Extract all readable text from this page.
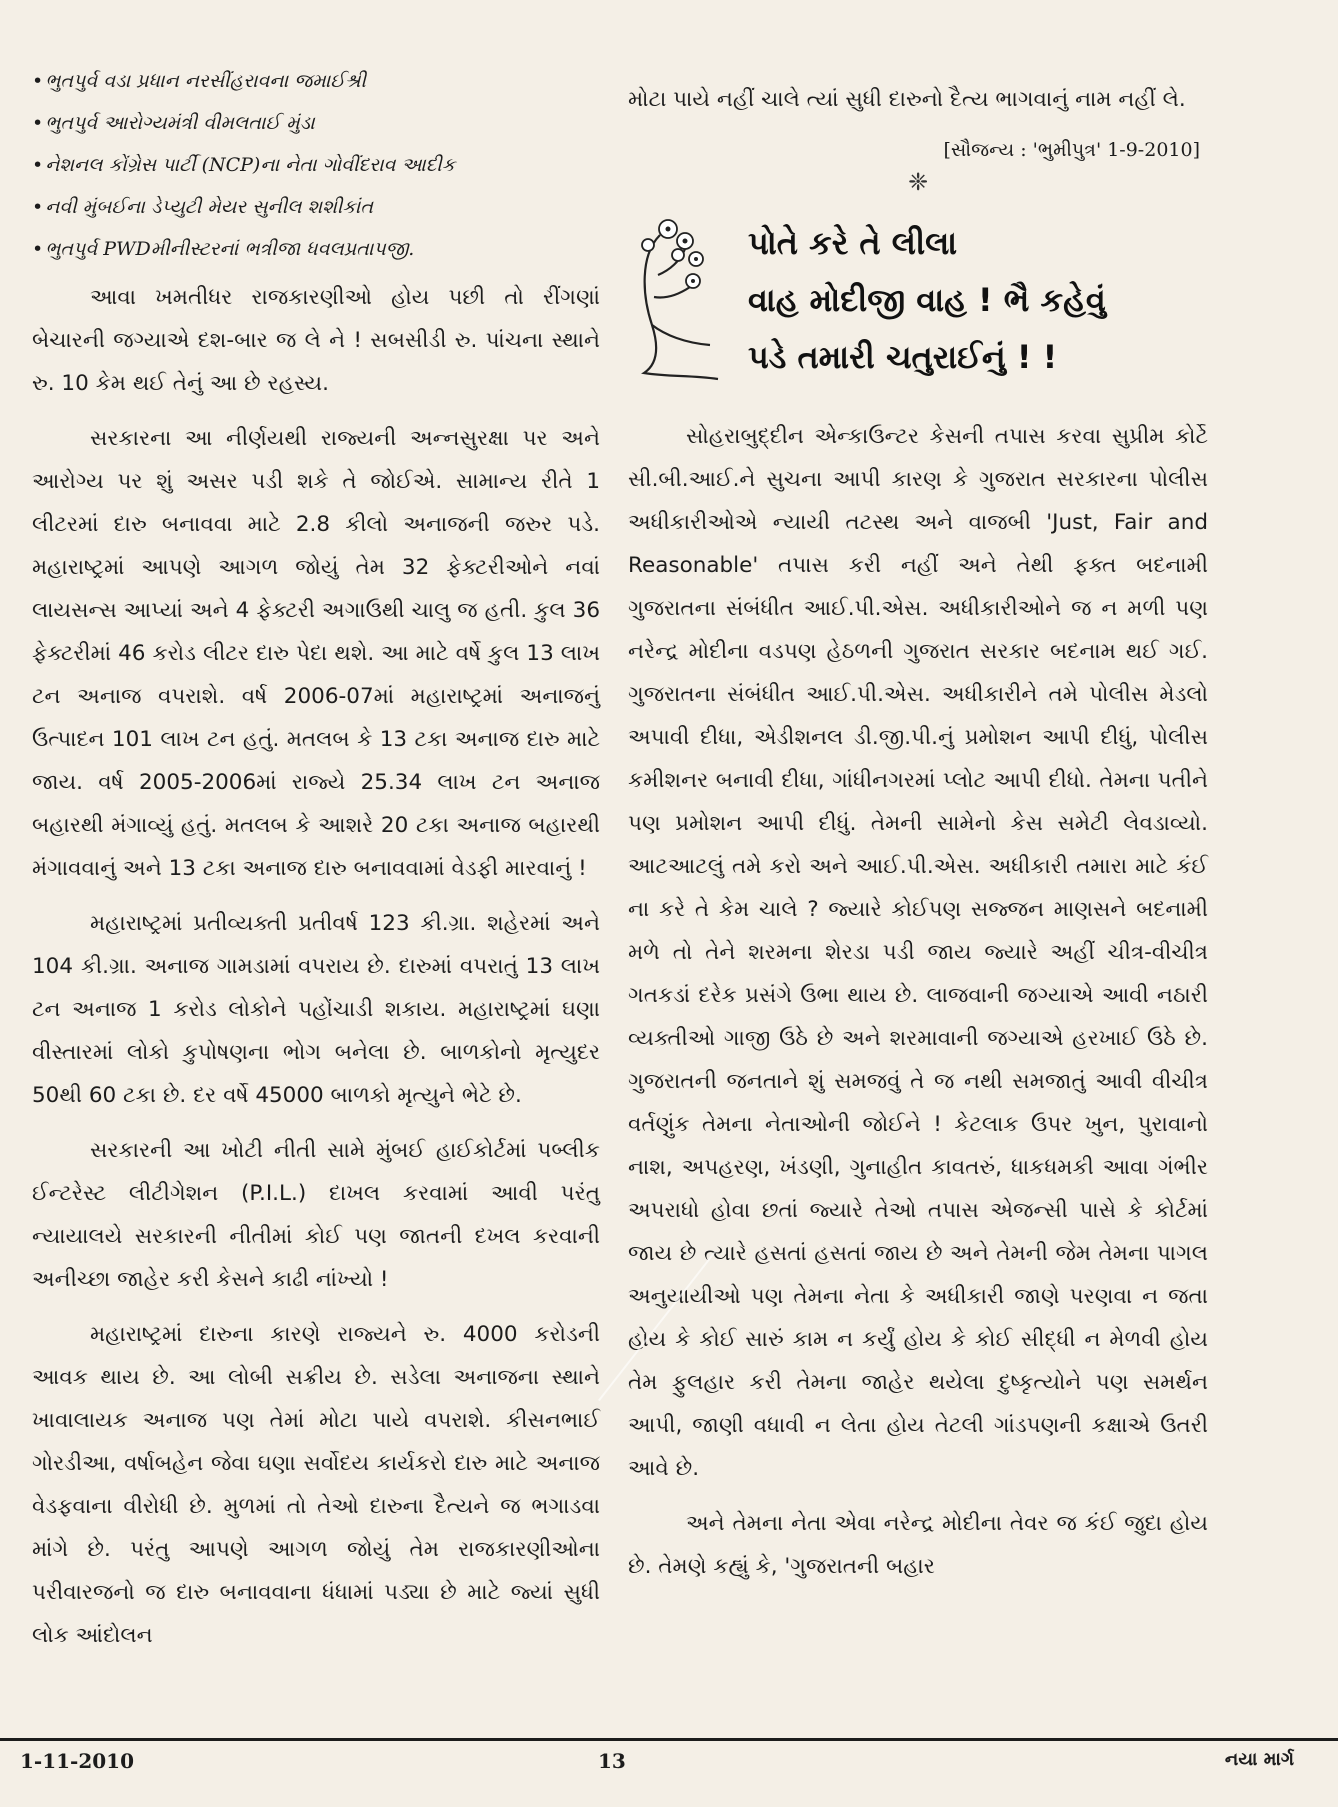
• ભુતપુર્વ વડા પ્રધાન નરસીંહરાવના જમાઈશ્રી
• ભુતપુર્વ આરોગ્યમંત્રી વીમલતાઈ મુંડા
• નેશનલ કોંગ્રેસ પાર્ટી (NCP)ના નેતા ગોવીંદરાવ આદીક
• નવી મુંબઈના ડેપ્યુટી મેયર સુનીલ શશીકાંત
• ભુતપુર્વ PWDમીનીસ્ટરનાં ભત્રીજા ધવલપ્રતાપજી.

આવા ખમતીધર રાજકારણીઓ હોય પછી તો રીંગણાં બેચારની જગ્યાએ દશ-બાર જ લે ને ! સબસીડી રુ. પાંચના સ્થાને રુ. 10 કેમ થઈ તેનું આ છે રહસ્ય.

સરકારના આ નીર્ણયથી રાજ્યની અન્નસુરક્ષા પર અને આરોગ્ય પર શું અસર પડી શકે તે જોઈએ. સામાન્ય રીતે 1 લીટરમાં દારુ બનાવવા માટે 2.8 કીલો અનાજની જરુર પડે. મહારાષ્ટ્રમાં આપણે આગળ જોયું તેમ 32 ફેક્ટરીઓને નવાં લાયસન્સ આપ્યાં અને 4 ફેક્ટરી અગાઉથી ચાલુ જ હતી. કુલ 36 ફેક્ટરીમાં 46 કરોડ લીટર દારુ પેદા થશે. આ માટે વર્ષે કુલ 13 લાખ ટન અનાજ વપરાશે. વર્ષ 2006-07માં મહારાષ્ટ્રમાં અનાજનું ઉત્પાદન 101 લાખ ટન હતું. મતલબ કે 13 ટકા અનાજ દારુ માટે જાય. વર્ષ 2005-2006માં રાજ્યે 25.34 લાખ ટન અનાજ બહારથી મંગાવ્યું હતું. મતલબ કે આશરે 20 ટકા અનાજ બહારથી મંગાવવાનું અને 13 ટકા અનાજ દારુ બનાવવામાં વેડફી મારવાનું !

મહારાષ્ટ્રમાં પ્રતીવ્યક્તી પ્રતીવર્ષ 123 કી.ગ્રા. શહેરમાં અને 104 કી.ગ્રા. અનાજ ગામડામાં વપરાય છે. દારુમાં વપરાતું 13 લાખ ટન અનાજ 1 કરોડ લોકોને પહોંચાડી શકાય. મહારાષ્ટ્રમાં ઘણા વીસ્તારમાં લોકો કુપોષણના ભોગ બનેલા છે. બાળકોનો મૃત્યુદર 50થી 60 ટકા છે. દર વર્ષે 45000 બાળકો મૃત્યુને ભેટે છે.

સરકારની આ ખોટી નીતી સામે મુંબઈ હાઈકોર્ટમાં પબ્લીક ઈન્ટરેસ્ટ લીટીગેશન (P.I.L.) દાખલ કરવામાં આવી પરંતુ ન્યાયાલયે સરકારની નીતીમાં કોઈ પણ જાતની દખલ કરવાની અનીચ્છા જાહેર કરી કેસને કાઢી નાંખ્યો !

મહારાષ્ટ્રમાં દારુના કારણે રાજ્યને રુ. 4000 કરોડની આવક થાય છે. આ લોબી સક્રીય છે. સડેલા અનાજના સ્થાને ખાવાલાયક અનાજ પણ તેમાં મોટા પાયે વપરાશે. કીસનભાઈ ગોરડીઆ, વર્ષાબહેન જેવા ઘણા સર્વોદય કાર્યકરો દારુ માટે અનાજ વેડફવાના વીરોધી છે. મુળમાં તો તેઓ દારુના દૈત્યને જ ભગાડવા માંગે છે. પરંતુ આપણે આગળ જોયું તેમ રાજકારણીઓના પરીવારજનો જ દારુ બનાવવાના ધંધામાં પડ્યા છે માટે જ્યાં સુધી લોક આંદોલન

મોટા પાયે નહીં ચાલે ત્યાં સુધી દારુનો દૈત્ય ભાગવાનું નામ નહીં લે.

[સૌજન્ય : 'ભુમીપુત્ર' 1-9-2010]
❈
પોતે કરે તે લીલા
વાહ મોદીજી વાહ ! ભૈ કહેવું
પડે તમારી ચતુરાઈનું ! !

સોહરાબુદ્દીન એન્કાઉન્ટર કેસની તપાસ કરવા સુપ્રીમ કોર્ટે સી.બી.આઈ.ને સુચના આપી કારણ કે ગુજરાત સરકારના પોલીસ અધીકારીઓએ ન્યાયી તટસ્થ અને વાજબી 'Just, Fair and Reasonable' તપાસ કરી નહીં અને તેથી ફક્ત બદનામી ગુજરાતના સંબંધીત આઈ.પી.એસ. અધીકારીઓને જ ન મળી પણ નરેન્દ્ર મોદીના વડપણ હેઠળની ગુજરાત સરકાર બદનામ થઈ ગઈ. ગુજરાતના સંબંધીત આઈ.પી.એસ. અધીકારીને તમે પોલીસ મેડલો અપાવી દીધા, એડીશનલ ડી.જી.પી.નું પ્રમોશન આપી દીધું, પોલીસ કમીશનર બનાવી દીધા, ગાંધીનગરમાં પ્લોટ આપી દીધો. તેમના પતીને પણ પ્રમોશન આપી દીધું. તેમની સામેનો કેસ સમેટી લેવડાવ્યો. આટઆટલું તમે કરો અને આઈ.પી.એસ. અધીકારી તમારા માટે કંઈ ના કરે તે કેમ ચાલે ? જ્યારે કોઈપણ સજ્જન માણસને બદનામી મળે તો તેને શરમના શેરડા પડી જાય જ્યારે અહીં ચીત્ર-વીચીત્ર ગતકડાં દરેક પ્રસંગે ઉભા થાય છે. લાજવાની જગ્યાએ આવી નઠારી વ્યક્તીઓ ગાજી ઉઠે છે અને શરમાવાની જગ્યાએ હરખાઈ ઉઠે છે. ગુજરાતની જનતાને શું સમજવું તે જ નથી સમજાતું આવી વીચીત્ર વર્તણુંક તેમના નેતાઓની જોઈને ! કેટલાક ઉપર ખુન, પુરાવાનો નાશ, અપહરણ, ખંડણી, ગુનાહીત કાવતરું, ધાકધમકી આવા ગંભીર અપરાધો હોવા છતાં જ્યારે તેઓ તપાસ એજન્સી પાસે કે કોર્ટમાં જાય છે ત્યારે હસતાં હસતાં જાય છે અને તેમની જેમ તેમના પાગલ અનુયાયીઓ પણ તેમના નેતા કે અધીકારી જાણે પરણવા ન જતા હોય કે કોઈ સારું કામ ન કર્યું હોય કે કોઈ સીદ્ધી ન મેળવી હોય તેમ ફુલહાર કરી તેમના જાહેર થયેલા દુષ્કૃત્યોને પણ સમર્થન આપી, જાણી વધાવી ન લેતા હોય તેટલી ગાંડપણની કક્ષાએ ઉતરી આવે છે.

અને તેમના નેતા એવા નરેન્દ્ર મોદીના તેવર જ કંઈ જુદા હોય છે. તેમણે કહ્યું કે, 'ગુજરાતની બહાર

1-11-2010	13	નયા માર્ગ
